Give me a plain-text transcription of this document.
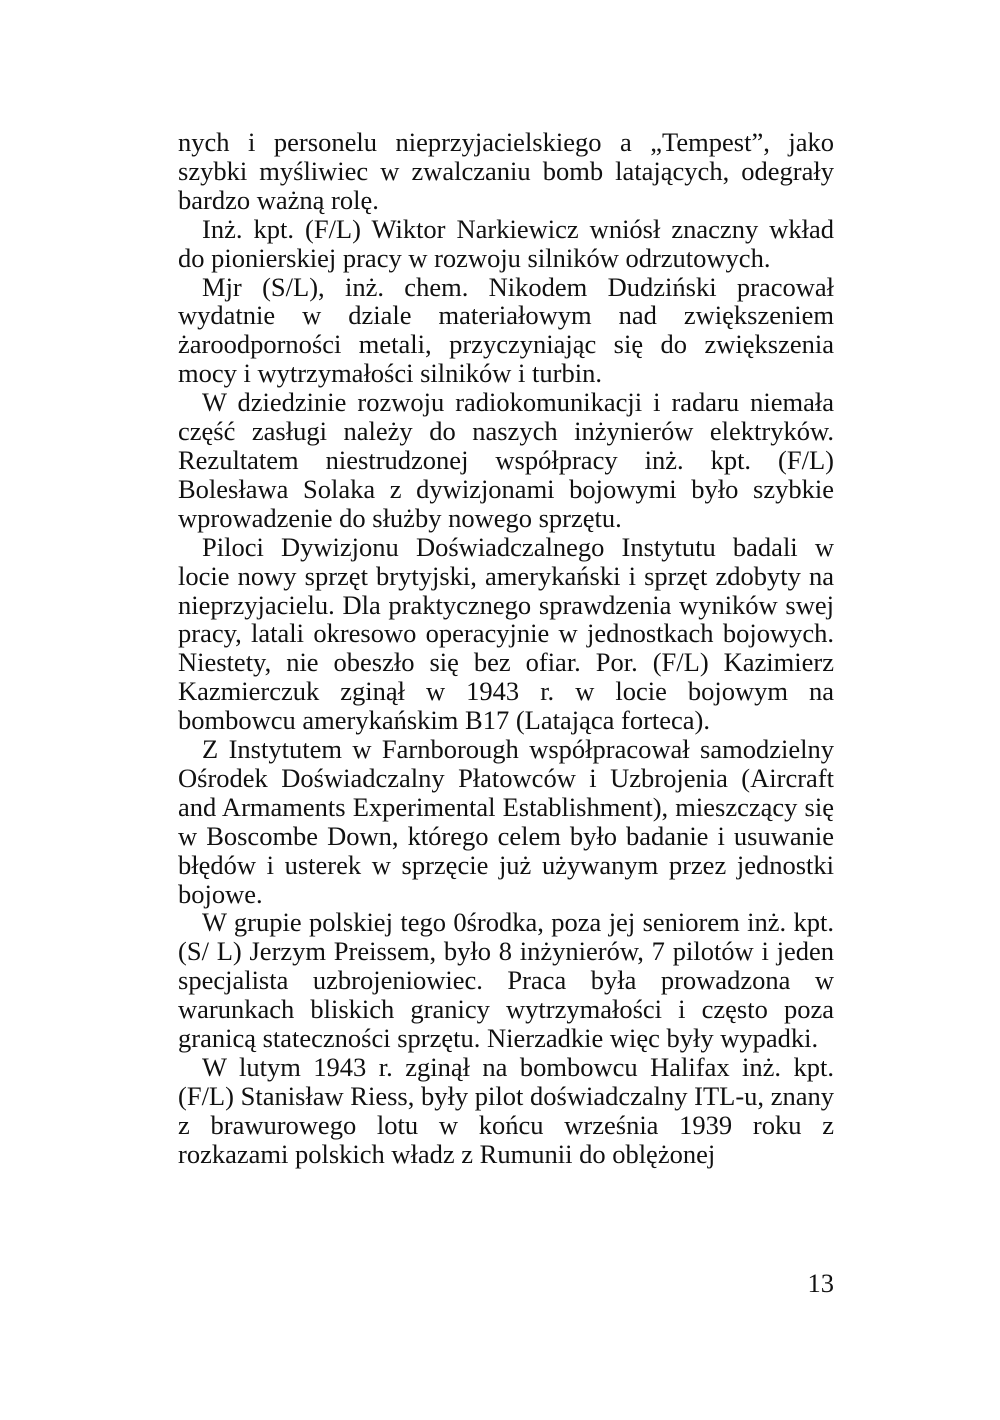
nych i personelu nieprzyjacielskiego a „Tempest”, jako szybki myśliwiec w zwalczaniu bomb latających, odegrały bardzo ważną rolę.

Inż. kpt. (F/L) Wiktor Narkiewicz wniósł znaczny wkład do pionierskiej pracy w rozwoju silników odrzutowych.

Mjr (S/L), inż. chem. Nikodem Dudziński pracował wydatnie w dziale materiałowym nad zwiększeniem żaroodporności metali, przyczyniając się do zwiększenia mocy i wytrzymałości silników i turbin.

W dziedzinie rozwoju radiokomunikacji i radaru niemała część zasługi należy do naszych inżynierów elektryków. Rezultatem niestrudzonej współpracy inż. kpt. (F/L) Bolesława Solaka z dywizjonami bojowymi było szybkie wprowadzenie do służby nowego sprzętu.

Piloci Dywizjonu Doświadczalnego Instytutu badali w locie nowy sprzęt brytyjski, amerykański i sprzęt zdobyty na nieprzyjacielu. Dla praktycznego sprawdzenia wyników swej pracy, latali okresowo operacyjnie w jednostkach bojowych. Niestety, nie obeszło się bez ofiar. Por. (F/L) Kazimierz Kazmierczuk zginął w 1943 r. w locie bojowym na bombowcu amerykańskim B17 (Latająca forteca).

Z Instytutem w Farnborough współpracował samodzielny Ośrodek Doświadczalny Płatowców i Uzbrojenia (Aircraft and Armaments Experimental Establishment), mieszczący się w Boscombe Down, którego celem było badanie i usuwanie błędów i usterek w sprzęcie już używanym przez jednostki bojowe.

W grupie polskiej tego 0środka, poza jej seniorem inż. kpt. (S/ L) Jerzym Preissem, było 8 inżynierów, 7 pilotów i jeden specjalista uzbrojeniowiec. Praca była prowadzona w warunkach bliskich granicy wytrzymałości i często poza granicą stateczności sprzętu. Nierzadkie więc były wypadki.

W lutym 1943 r. zginął na bombowcu Halifax inż. kpt. (F/L) Stanisław Riess, były pilot doświadczalny ITL-u, znany z brawurowego lotu w końcu września 1939 roku z rozkazami polskich władz z Rumunii do oblężonej

13
